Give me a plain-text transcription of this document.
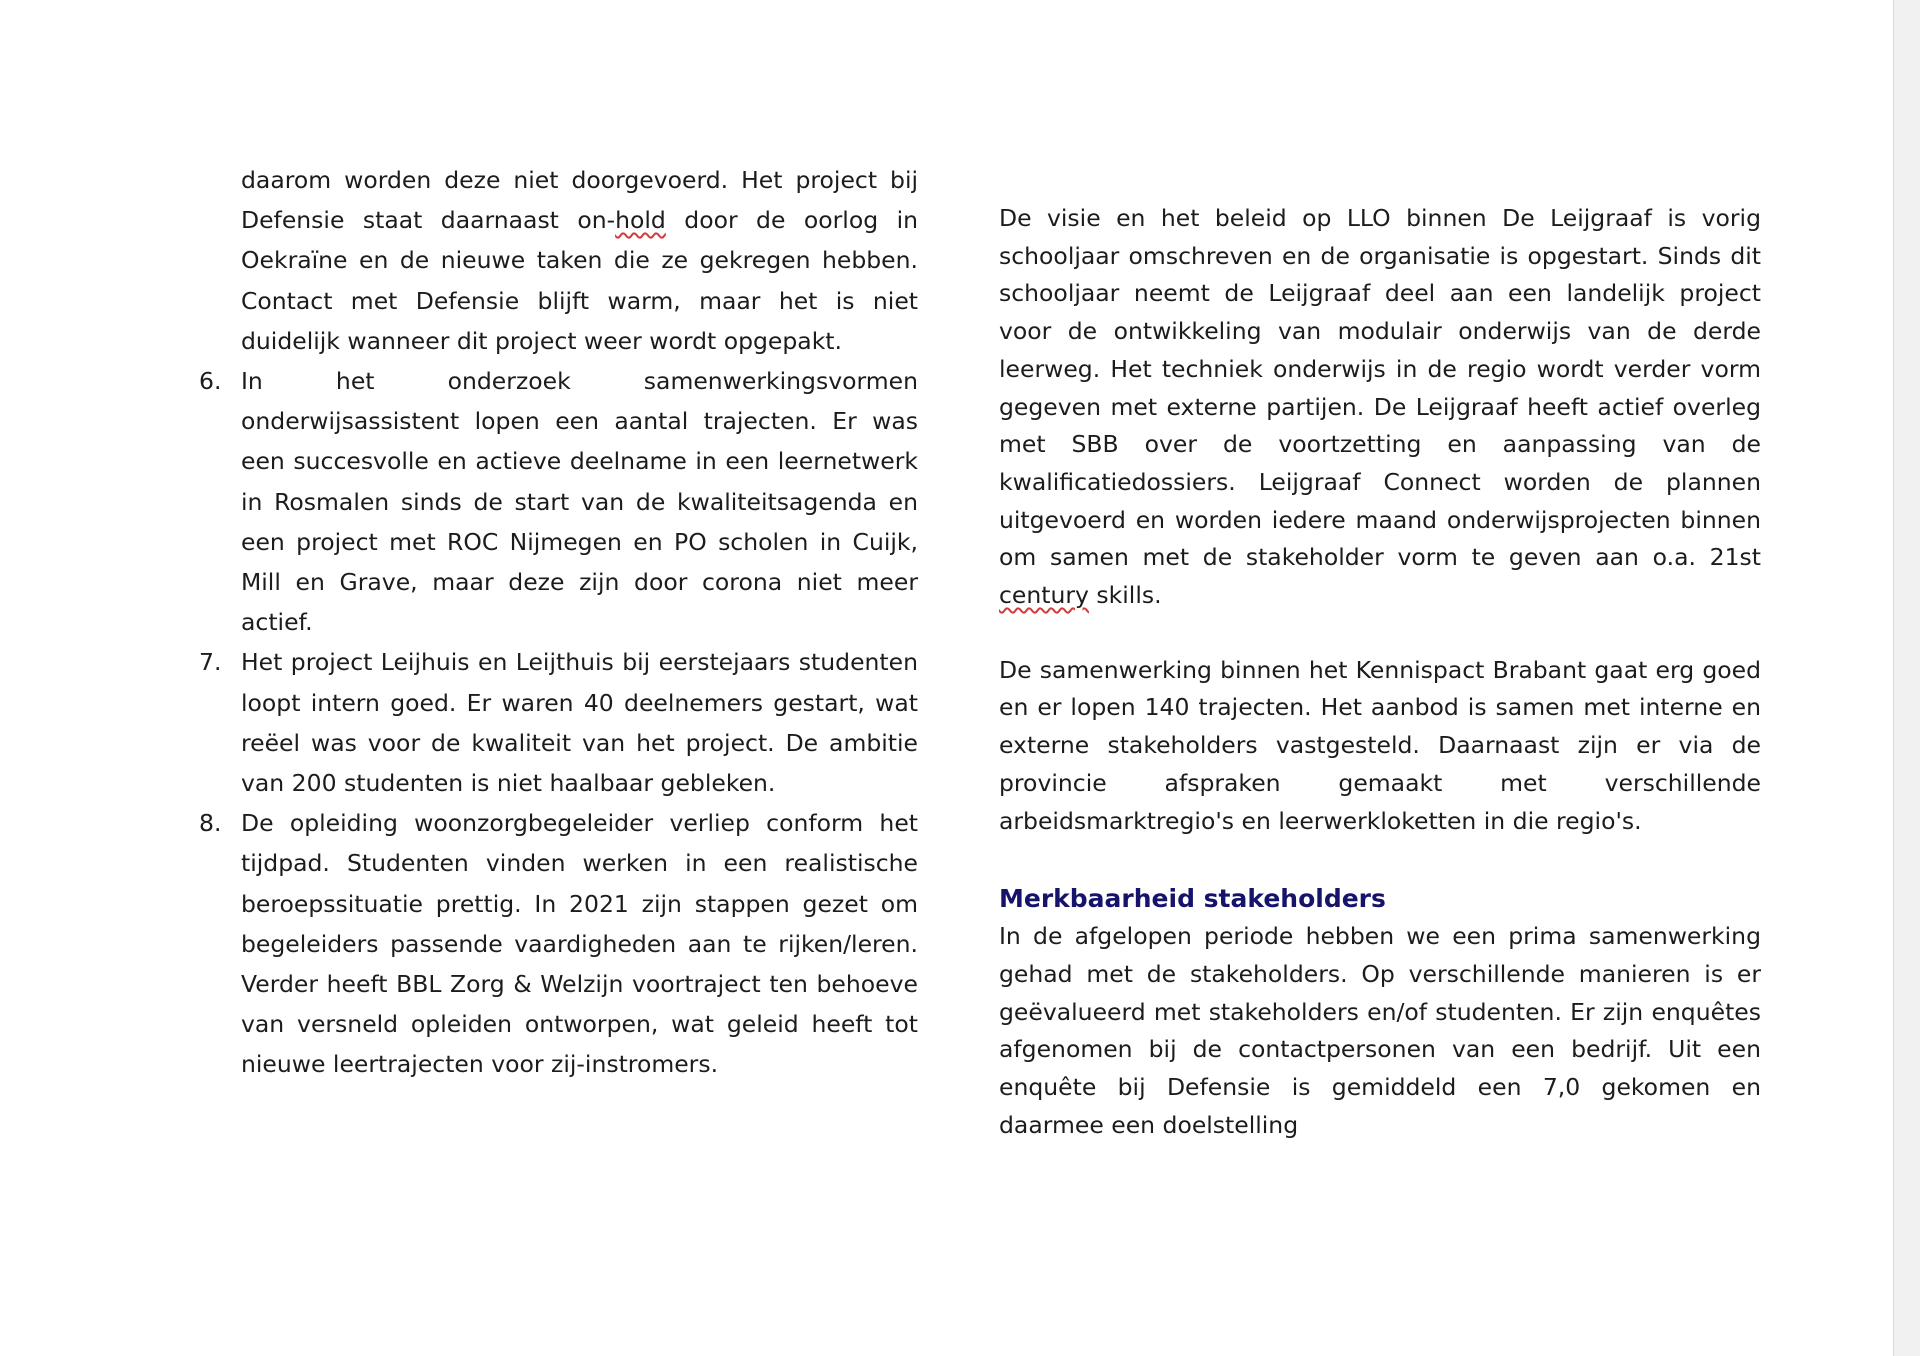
daarom worden deze niet doorgevoerd. Het project bij Defensie staat daarnaast on-hold door de oorlog in Oekraïne en de nieuwe taken die ze gekregen hebben. Contact met Defensie blijft warm, maar het is niet duidelijk wanneer dit project weer wordt opgepakt.

6. In het onderzoek samenwerkingsvormen onderwijsassistent lopen een aantal trajecten. Er was een succesvolle en actieve deelname in een leernetwerk in Rosmalen sinds de start van de kwaliteitsagenda en een project met ROC Nijmegen en PO scholen in Cuijk, Mill en Grave, maar deze zijn door corona niet meer actief.
7. Het project Leijhuis en Leijthuis bij eerstejaars studenten loopt intern goed. Er waren 40 deelnemers gestart, wat reëel was voor de kwaliteit van het project. De ambitie van 200 studenten is niet haalbaar gebleken.
8. De opleiding woonzorgbegeleider verliep conform het tijdpad. Studenten vinden werken in een realistische beroepssituatie prettig. In 2021 zijn stappen gezet om begeleiders passende vaardigheden aan te rijken/leren. Verder heeft BBL Zorg & Welzijn voortraject ten behoeve van versneld opleiden ontworpen, wat geleid heeft tot nieuwe leertrajecten voor zij-instromers.

De visie en het beleid op LLO binnen De Leijgraaf is vorig schooljaar omschreven en de organisatie is opgestart. Sinds dit schooljaar neemt de Leijgraaf deel aan een landelijk project voor de ontwikkeling van modulair onderwijs van de derde leerweg. Het techniek onderwijs in de regio wordt verder vorm gegeven met externe partijen. De Leijgraaf heeft actief overleg met SBB over de voortzetting en aanpassing van de kwalificatiedossiers. Leijgraaf Connect worden de plannen uitgevoerd en worden iedere maand onderwijsprojecten binnen om samen met de stakeholder vorm te geven aan o.a. 21st century skills.

De samenwerking binnen het Kennispact Brabant gaat erg goed en er lopen 140 trajecten. Het aanbod is samen met interne en externe stakeholders vastgesteld. Daarnaast zijn er via de provincie afspraken gemaakt met verschillende arbeidsmarktregio's en leerwerkloketten in die regio's.

Merkbaarheid stakeholders

In de afgelopen periode hebben we een prima samenwerking gehad met de stakeholders. Op verschillende manieren is er geëvalueerd met stakeholders en/of studenten. Er zijn enquêtes afgenomen bij de contactpersonen van een bedrijf. Uit een enquête bij Defensie is gemiddeld een 7,0 gekomen en daarmee een doelstelling
